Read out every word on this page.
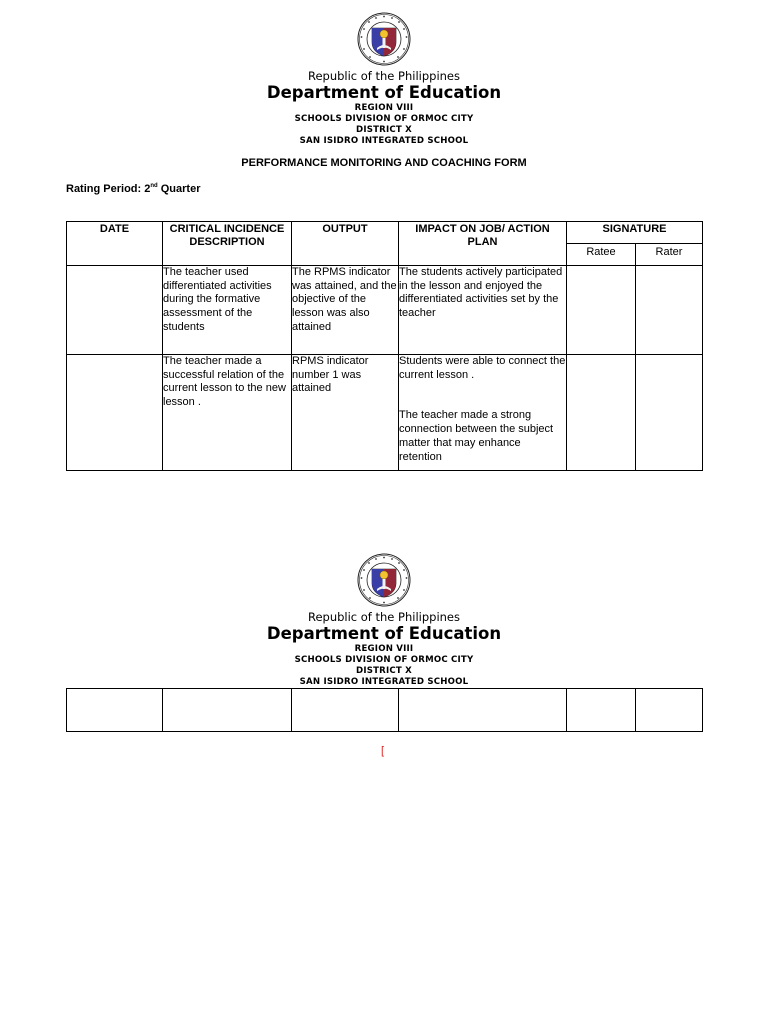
Republic of the Philippines
Department of Education
REGION VIII
SCHOOLS DIVISION OF ORMOC CITY
DISTRICT X
SAN ISIDRO INTEGRATED SCHOOL
PERFORMANCE MONITORING AND COACHING FORM
Rating Period: 2nd Quarter
DATE	CRITICAL INCIDENCE DESCRIPTION	OUTPUT	IMPACT ON JOB/ ACTION PLAN	SIGNATURE	
				Ratee	Rater
	The teacher used differentiated activities during the formative assessment of the students	The RPMS indicator was attained, and the objective of the lesson was also attained	The students actively participated in the lesson and enjoyed the differentiated activities set by the teacher		
	The teacher made a successful relation of the current lesson to the new lesson .	RPMS indicator number 1 was attained	Students were able to connect the current lesson .
The teacher made a strong connection between the subject matter that may enhance retention		
Republic of the Philippines
Department of Education
REGION VIII
SCHOOLS DIVISION OF ORMOC CITY
DISTRICT X
SAN ISIDRO INTEGRATED SCHOOL

[
